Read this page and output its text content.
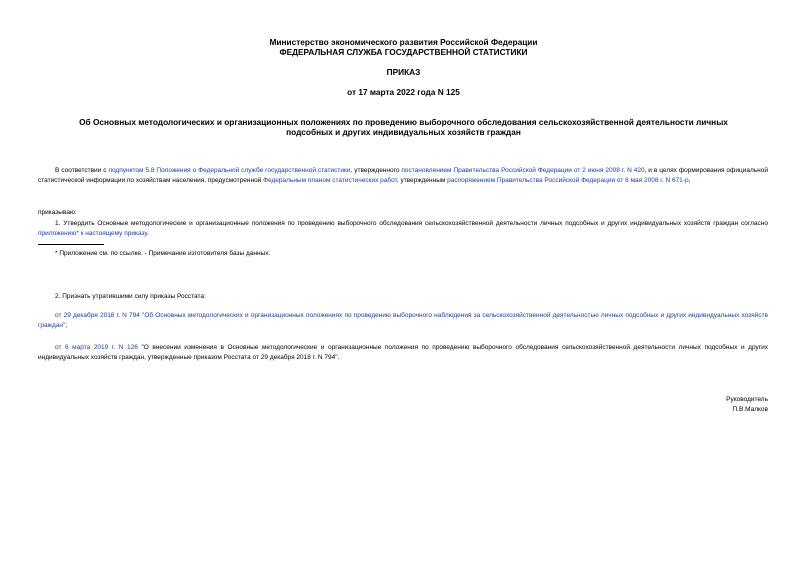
Министерство экономического развития Российской Федерации
ФЕДЕРАЛЬНАЯ СЛУЖБА ГОСУДАРСТВЕННОЙ СТАТИСТИКИ
ПРИКАЗ
от 17 марта 2022 года N 125
Об Основных методологических и организационных положениях по проведению выборочного обследования сельскохозяйственной деятельности личных
подсобных и других индивидуальных хозяйств граждан
В соответствии с подпунктом 5.8 Положения о Федеральной службе государственной статистики, утвержденного постановлением Правительства Российской Федерации от 2 июня 2008 г. N 420, и в целях формирования официальной статистической информации по хозяйствам населения, предусмотренной Федеральным планом статистических работ, утвержденным распоряжением Правительства Российской Федерации от 6 мая 2008 г. N 671-р,
приказываю:
1. Утвердить Основные методологические и организационные положения по проведению выборочного обследования сельскохозяйственной деятельности личных подсобных и других индивидуальных хозяйств граждан согласно приложению* к настоящему приказу.
* Приложение см. по ссылке. - Примечание изготовителя базы данных.
2. Признать утратившими силу приказы Росстата:
от 29 декабря 2018 г. N 794 "Об Основных методологических и организационных положениях по проведению выборочного наблюдения за сельскохозяйственной деятельностью личных подсобных и других индивидуальных хозяйств граждан";
от 6 марта 2019 г. N 126 "О внесении изменения в Основные методологические и организационные положения по проведению выборочного обследования сельскохозяйственной деятельности личных подсобных и других индивидуальных хозяйств граждан, утвержденные приказом Росстата от 29 декабря 2018 г. N 794".
Руководитель
П.В.Малков
